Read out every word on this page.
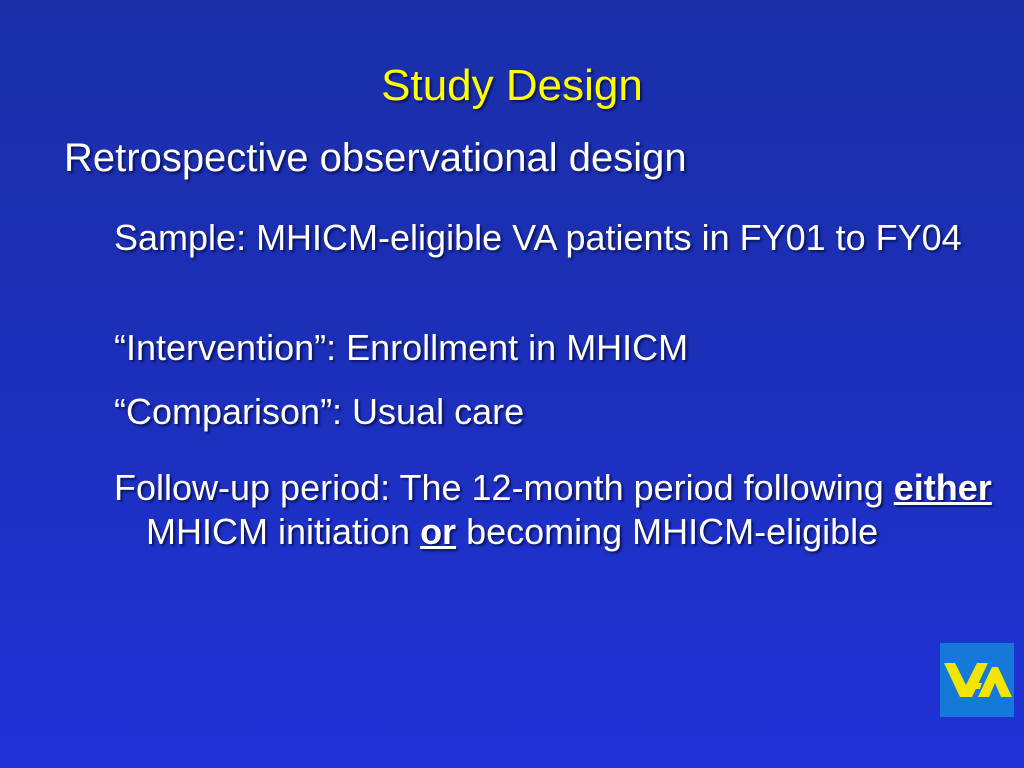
Study Design
Retrospective observational design
Sample: MHICM-eligible VA patients in FY01 to FY04
“Intervention”: Enrollment in MHICM
“Comparison”: Usual care
Follow-up period: The 12-month period following either MHICM initiation or becoming MHICM-eligible
